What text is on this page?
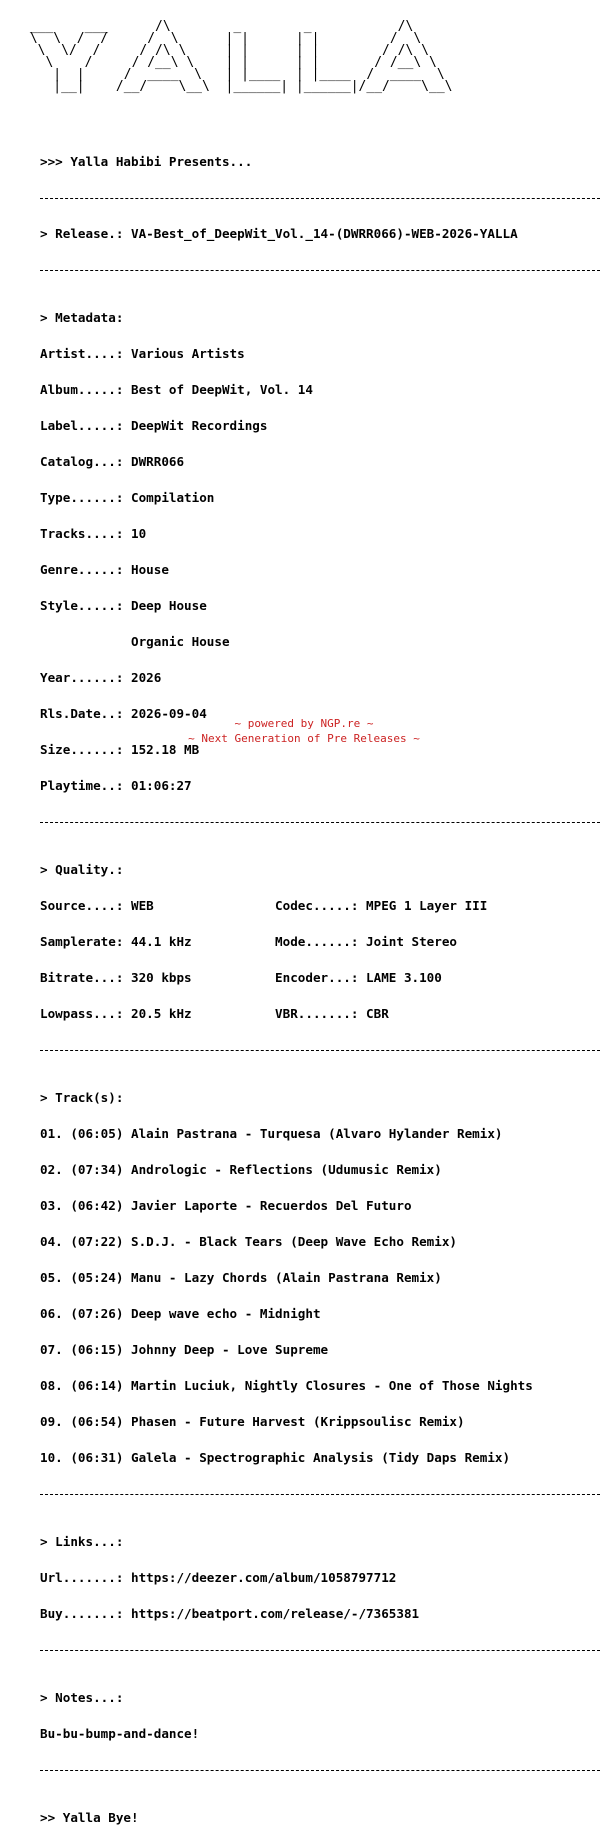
___    ___      /\        _        _           /\
\  \  /  /     /  \      | |      | |         /  \
\  \/  /     / /\ \     | |      | |        / /\ \
\    /     / /__\ \    | |      | |       / /__\ \
|  |     /  ____  \   | |____  | |____  /  ____  \
|__|    /__/    \__\  |______| |______|/__/    \__\

>>> Yalla Habibi Presents...

> Release.: VA-Best_of_DeepWit_Vol._14-(DWRR066)-WEB-2026-YALLA

> Metadata:

Artist....: Various Artists

Album.....: Best of DeepWit, Vol. 14

Label.....: DeepWit Recordings

Catalog...: DWRR066

Type......: Compilation

Tracks....: 10

Genre.....: House

Style.....: Deep House

Organic House

Year......: 2026

Rls.Date..: 2026-09-04

Size......: 152.18 MB

Playtime..: 01:06:27

> Quality.:

Source....: WEB                Codec.....: MPEG 1 Layer III

Samplerate: 44.1 kHz           Mode......: Joint Stereo

Bitrate...: 320 kbps           Encoder...: LAME 3.100

Lowpass...: 20.5 kHz           VBR.......: CBR

> Track(s):

01. (06:05) Alain Pastrana - Turquesa (Alvaro Hylander Remix)

02. (07:34) Andrologic - Reflections (Udumusic Remix)

03. (06:42) Javier Laporte - Recuerdos Del Futuro

04. (07:22) S.D.J. - Black Tears (Deep Wave Echo Remix)

05. (05:24) Manu - Lazy Chords (Alain Pastrana Remix)

06. (07:26) Deep wave echo - Midnight

07. (06:15) Johnny Deep - Love Supreme

08. (06:14) Martin Luciuk, Nightly Closures - One of Those Nights

09. (06:54) Phasen - Future Harvest (Krippsoulisc Remix)

10. (06:31) Galela - Spectrographic Analysis (Tidy Daps Remix)

> Links...:

Url.......: https://deezer.com/album/1058797712

Buy.......: https://beatport.com/release/-/7365381

> Notes...:

Bu-bu-bump-and-dance!

>> Yalla Bye!

~ powered by NGP.re ~
~ Next Generation of Pre Releases ~
